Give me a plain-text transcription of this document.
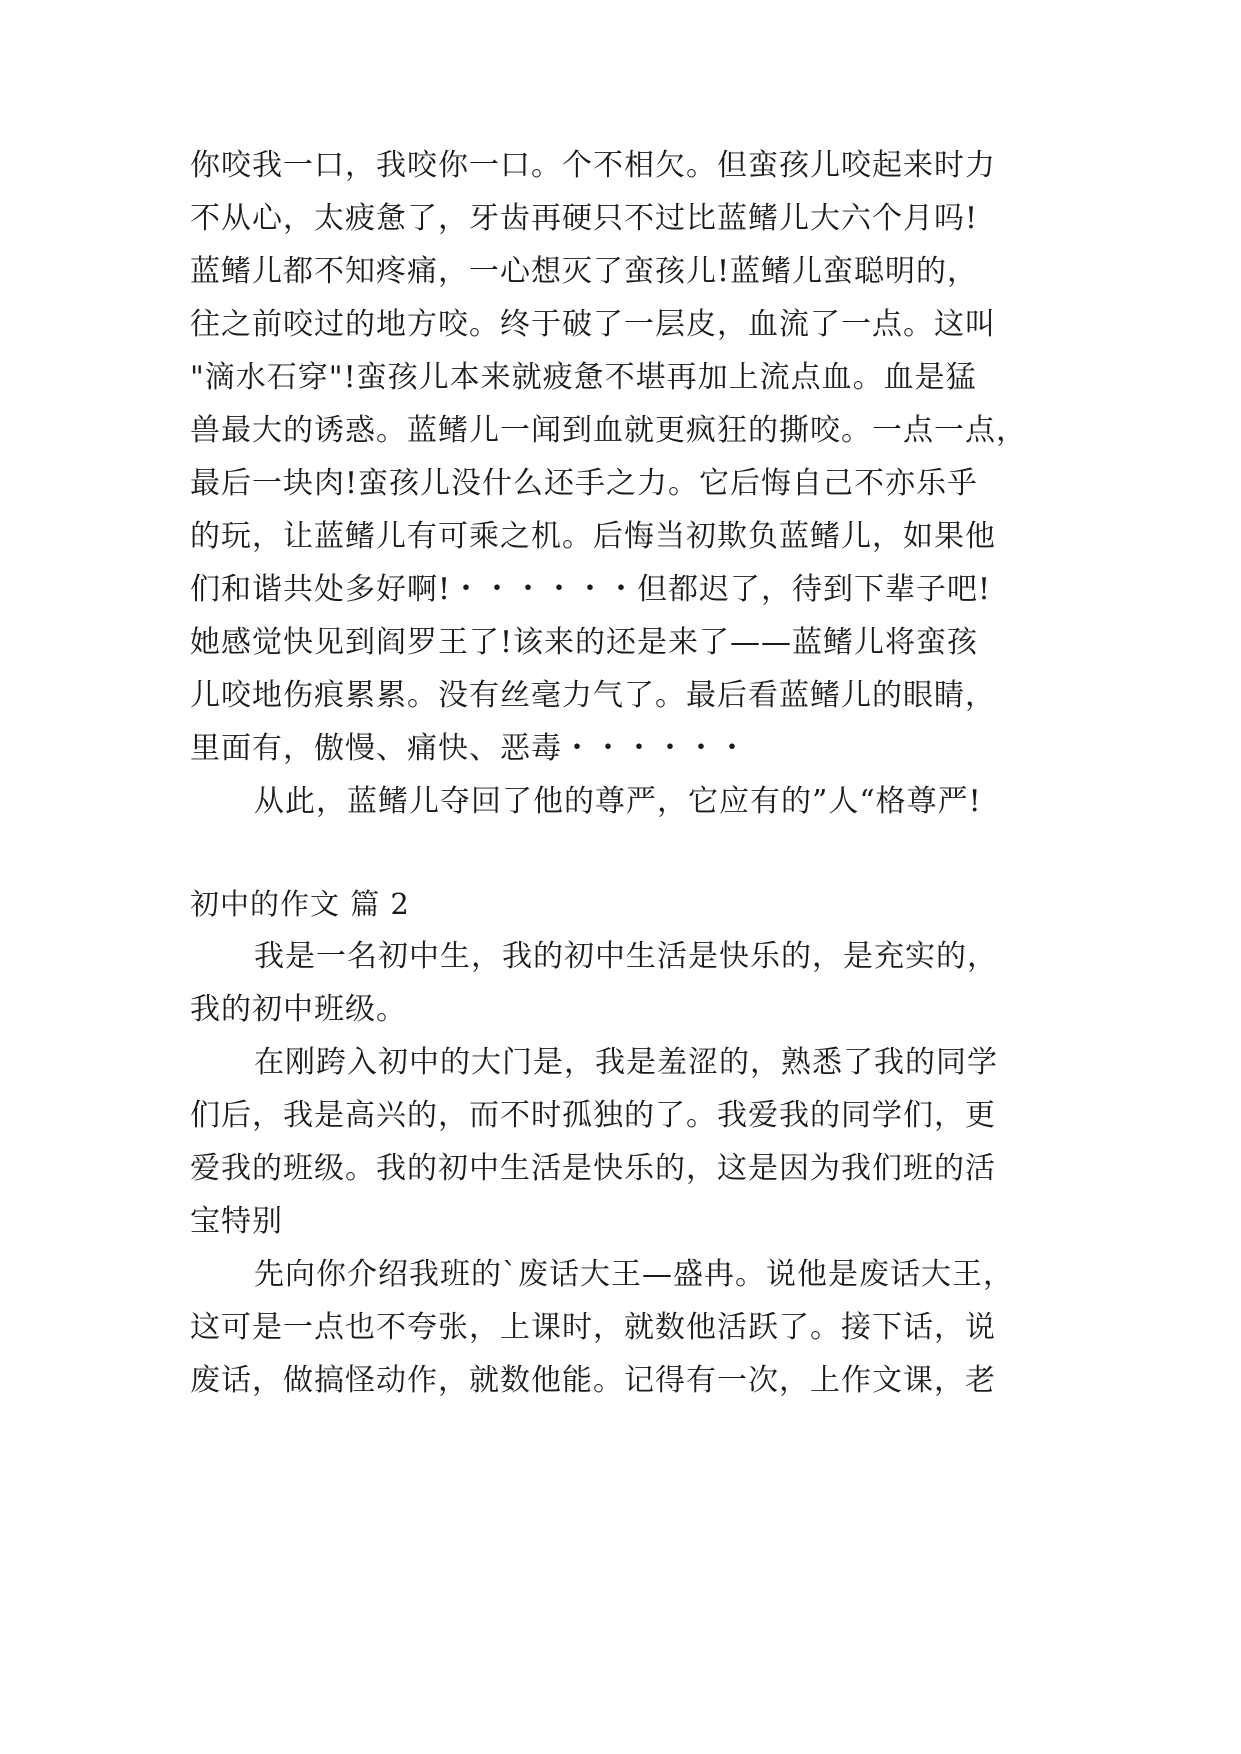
你咬我一口，我咬你一口。个不相欠。但蛮孩儿咬起来时力
不从心，太疲惫了，牙齿再硬只不过比蓝鳍儿大六个月吗!
蓝鳍儿都不知疼痛，一心想灭了蛮孩儿!蓝鳍儿蛮聪明的，
往之前咬过的地方咬。终于破了一层皮，血流了一点。这叫
"滴水石穿"!蛮孩儿本来就疲惫不堪再加上流点血。血是猛
兽最大的诱惑。蓝鳍儿一闻到血就更疯狂的撕咬。一点一点，
最后一块肉!蛮孩儿没什么还手之力。它后悔自己不亦乐乎
的玩，让蓝鳍儿有可乘之机。后悔当初欺负蓝鳍儿，如果他
们和谐共处多好啊!・・・・・・但都迟了，待到下辈子吧!
她感觉快见到阎罗王了!该来的还是来了——蓝鳍儿将蛮孩
儿咬地伤痕累累。没有丝毫力气了。最后看蓝鳍儿的眼睛，
里面有，傲慢、痛快、恶毒・・・・・・
从此，蓝鳍儿夺回了他的尊严，它应有的”人“格尊严!
初中的作文 篇 2
我是一名初中生，我的初中生活是快乐的，是充实的，
我的初中班级。
在刚跨入初中的大门是，我是羞涩的，熟悉了我的同学
们后，我是高兴的，而不时孤独的了。我爱我的同学们，更
爱我的班级。我的初中生活是快乐的，这是因为我们班的活
宝特别
先向你介绍我班的`废话大王—盛冉。说他是废话大王，
这可是一点也不夸张，上课时，就数他活跃了。接下话，说
废话，做搞怪动作，就数他能。记得有一次，上作文课，老
